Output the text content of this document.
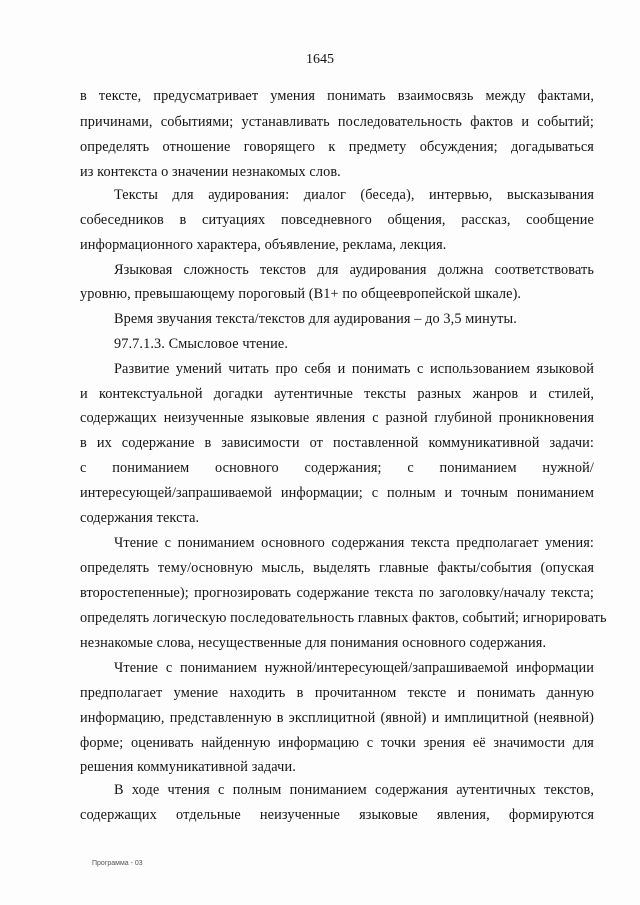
1645
в тексте, предусматривает умения понимать взаимосвязь между фактами,
причинами, событиями; устанавливать последовательность фактов и событий;
определять отношение говорящего к предмету обсуждения; догадываться
из контекста о значении незнакомых слов.
Тексты для аудирования: диалог (беседа), интервью, высказывания
собеседников в ситуациях повседневного общения, рассказ, сообщение
информационного характера, объявление, реклама, лекция.
Языковая сложность текстов для аудирования должна соответствовать
уровню, превышающему пороговый (В1+ по общеевропейской шкале).
Время звучания текста/текстов для аудирования – до 3,5 минуты.
97.7.1.3. Смысловое чтение.
Развитие умений читать про себя и понимать с использованием языковой
и контекстуальной догадки аутентичные тексты разных жанров и стилей,
содержащих неизученные языковые явления с разной глубиной проникновения
в их содержание в зависимости от поставленной коммуникативной задачи:
с пониманием основного содержания; с пониманием нужной/
интересующей/запрашиваемой информации; с полным и точным пониманием
содержания текста.
Чтение с пониманием основного содержания текста предполагает умения:
определять тему/основную мысль, выделять главные факты/события (опуская
второстепенные); прогнозировать содержание текста по заголовку/началу текста;
определять логическую последовательность главных фактов, событий; игнорировать
незнакомые слова, несущественные для понимания основного содержания.
Чтение с пониманием нужной/интересующей/запрашиваемой информации
предполагает умение находить в прочитанном тексте и понимать данную
информацию, представленную в эксплицитной (явной) и имплицитной (неявной)
форме; оценивать найденную информацию с точки зрения её значимости для
решения коммуникативной задачи.
В ходе чтения с полным пониманием содержания аутентичных текстов,
содержащих отдельные неизученные языковые явления, формируются
Программа - 03
